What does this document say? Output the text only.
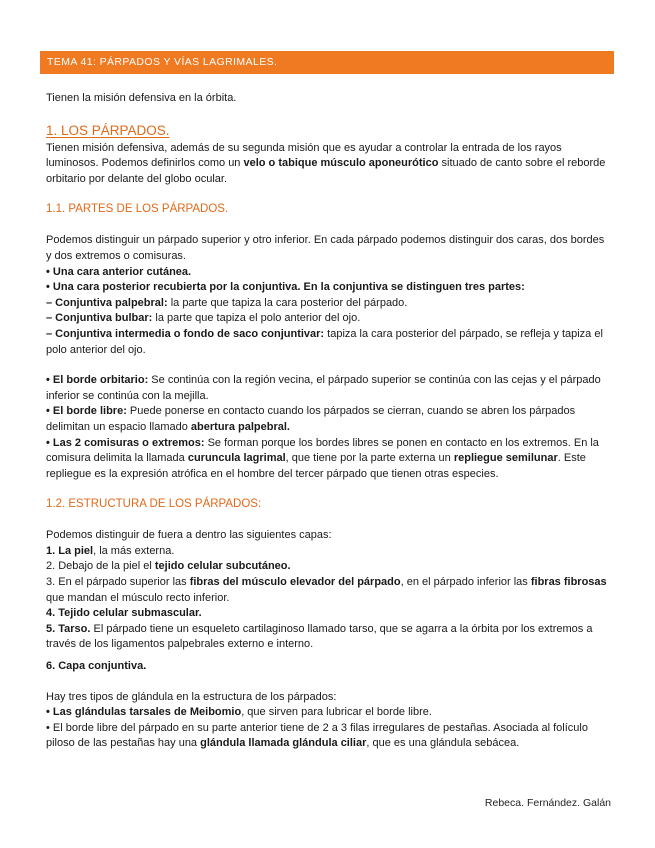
TEMA 41: PÁRPADOS Y VÍAS LAGRIMALES.

Tienen la misión defensiva en la órbita.

1. LOS PÁRPADOS.

Tienen misión defensiva, además de su segunda misión que es ayudar a controlar la entrada de los rayos luminosos. Podemos definirlos como un velo o tabique músculo aponeurótico situado de canto sobre el reborde orbitario por delante del globo ocular.

1.1. PARTES DE LOS PÁRPADOS.

Podemos distinguir un párpado superior y otro inferior. En cada párpado podemos distinguir dos caras, dos bordes y dos extremos o comisuras.

• Una cara anterior cutánea.

• Una cara posterior recubierta por la conjuntiva. En la conjuntiva se distinguen tres partes:

– Conjuntiva palpebral: la parte que tapiza la cara posterior del párpado.

– Conjuntiva bulbar: la parte que tapiza el polo anterior del ojo.

– Conjuntiva intermedia o fondo de saco conjuntivar: tapiza la cara posterior del párpado, se refleja y tapiza el polo anterior del ojo.

• El borde orbitario: Se continúa con la región vecina, el párpado superior se continúa con las cejas y el párpado inferior se continúa con la mejilla.

• El borde libre: Puede ponerse en contacto cuando los párpados se cierran, cuando se abren los párpados delimitan un espacio llamado abertura palpebral.

• Las 2 comisuras o extremos: Se forman porque los bordes libres se ponen en contacto en los extremos. En la comisura delimita la llamada curuncula lagrimal, que tiene por la parte externa un repliegue semilunar. Este repliegue es la expresión atrófica en el hombre del tercer párpado que tienen otras especies.

1.2. ESTRUCTURA DE LOS PÁRPADOS:

Podemos distinguir de fuera a dentro las siguientes capas:

1. La piel, la más externa.

2. Debajo de la piel el tejido celular subcutáneo.

3. En el párpado superior las fibras del músculo elevador del párpado, en el párpado inferior las fibras fibrosas que mandan el músculo recto inferior.

4. Tejido celular submascular.

5. Tarso. El párpado tiene un esqueleto cartilaginoso llamado tarso, que se agarra a la órbita por los extremos a través de los ligamentos palpebrales externo e interno.

6. Capa conjuntiva.

Hay tres tipos de glándula en la estructura de los párpados:

• Las glándulas tarsales de Meibomio, que sirven para lubricar el borde libre.

• El borde libre del párpado en su parte anterior tiene de 2 a 3 filas irregulares de pestañas. Asociada al folículo piloso de las pestañas hay una glándula llamada glándula ciliar, que es una glándula sebácea.

Rebeca. Fernández. Galán
